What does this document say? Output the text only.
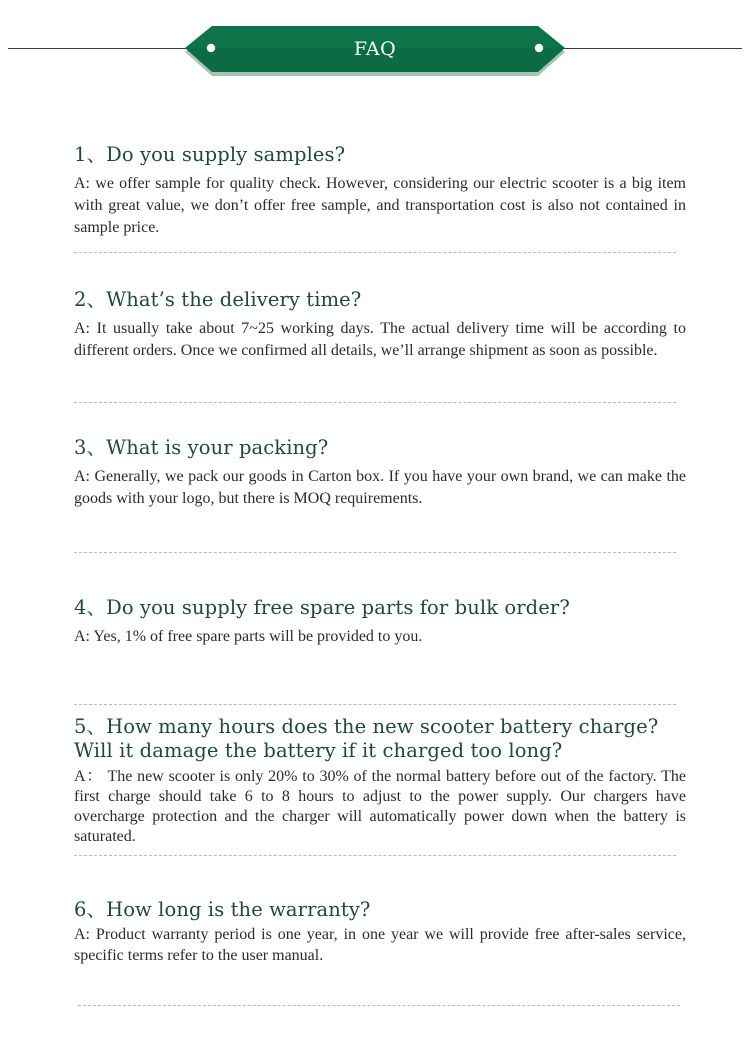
FAQ
1、Do you supply samples?

A: we offer sample for quality check. However, considering our electric scooter is a big item with great value, we don’t offer free sample, and transportation cost is also not contained in sample price.

2、What’s the delivery time?

A: It usually take about 7~25 working days. The actual delivery time will be according to different orders. Once we confirmed all details, we’ll arrange shipment as soon as possible.

3、What is your packing?

A: Generally, we pack our goods in Carton box. If you have your own brand, we can make the goods with your logo, but there is MOQ requirements.

4、Do you supply free spare parts for bulk order?

A: Yes, 1% of free spare parts will be provided to you.

5、How many hours does the new scooter battery charge? Will it damage the battery if it charged too long?

A： The new scooter is only 20% to 30% of the normal battery before out of the factory. The first charge should take 6 to 8 hours to adjust to the power supply. Our chargers have overcharge protection and the charger will automatically power down when the battery is saturated.

6、How long is the warranty?

A: Product warranty period is one year, in one year we will provide free after-sales service, specific terms refer to the user manual.
